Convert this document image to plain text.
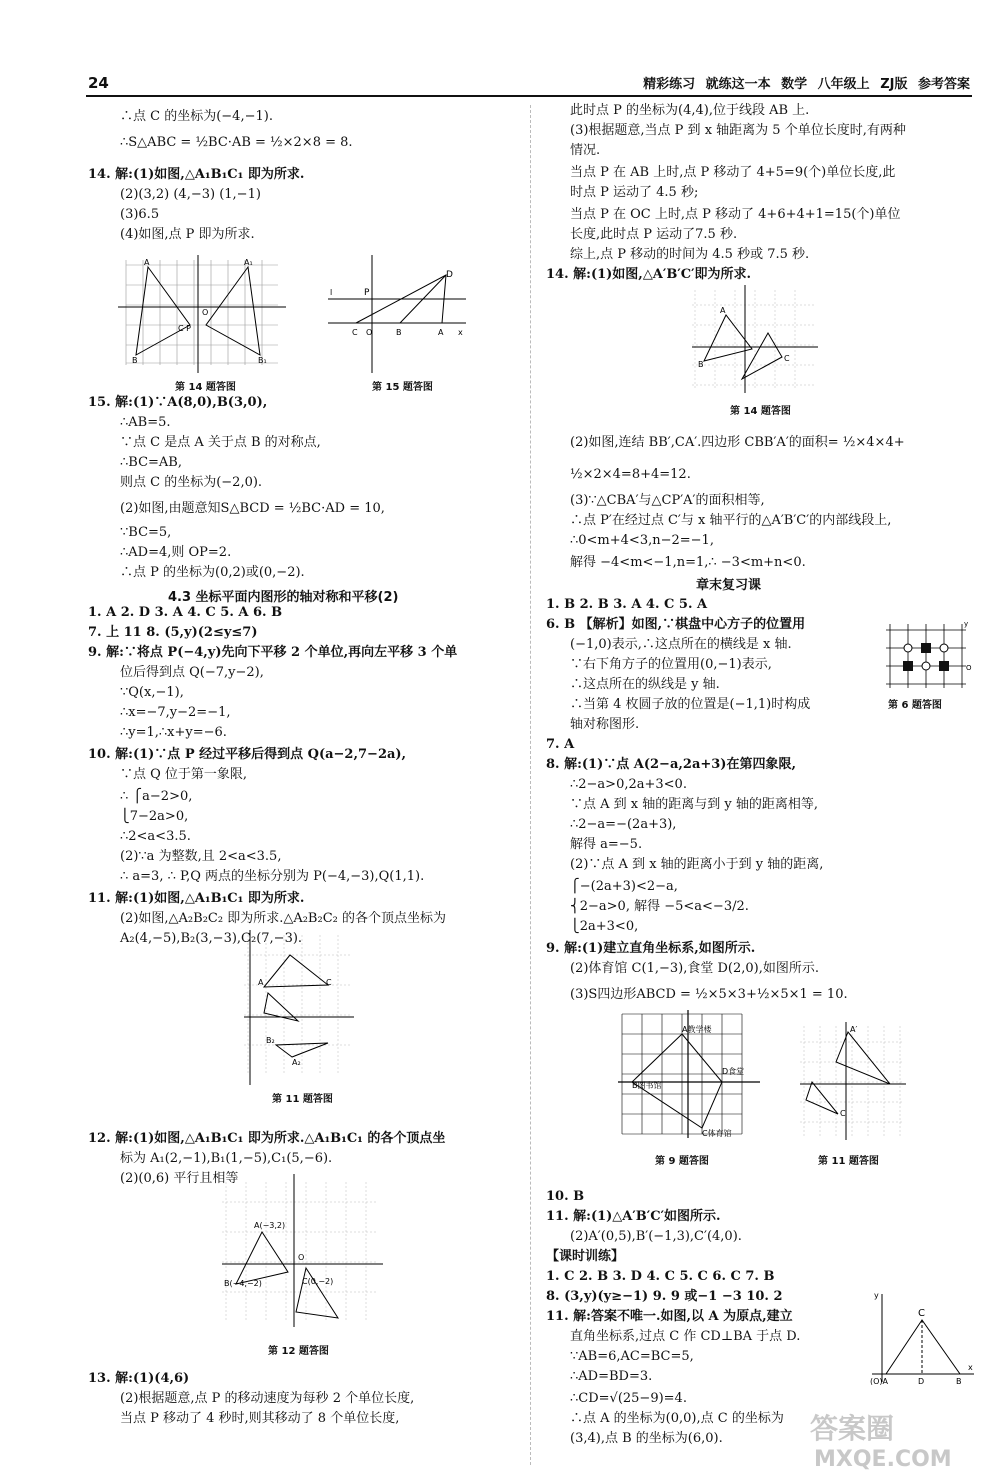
24	精彩练习 就练这一本 数学 八年级上 ZJ版 参考答案
∴点 C 的坐标为(−4,−1).
∴S△ABC = ½BC·AB = ½×2×8 = 8.
14. 解:(1)如图,△A₁B₁C₁ 即为所求.
(2)(3,2) (4,−3) (1,−1)
(3)6.5
(4)如图,点 P 即为所求.
15. 解:(1)∵A(8,0),B(3,0),
∴AB=5.
∵点 C 是点 A 关于点 B 的对称点,
∴BC=AB,
则点 C 的坐标为(−2,0).
(2)如图,由题意知S△BCD = ½BC·AD = 10,
∵BC=5,
∴AD=4,则 OP=2.
∴点 P 的坐标为(0,2)或(0,−2).
4.3 坐标平面内图形的轴对称和平移(2)
1. A 2. D 3. A 4. C 5. A 6. B
7. 上 11 8. (5,y)(2≤y≤7)
9. 解:∵将点 P(−4,y)先向下平移 2 个单位,再向左平移 3 个单
位后得到点 Q(−7,y−2),
∵Q(x,−1),
∴x=−7,y−2=−1,
∴y=1,∴x+y=−6.
10. 解:(1)∵点 P 经过平移后得到点 Q(a−2,7−2a),
∵点 Q 位于第一象限,
∴ ⎧a−2>0,
⎩7−2a>0,
∴2<a<3.5.
(2)∵a 为整数,且 2<a<3.5,
∴ a=3, ∴ P,Q 两点的坐标分别为 P(−4,−3),Q(1,1).
11. 解:(1)如图,△A₁B₁C₁ 即为所求.
(2)如图,△A₂B₂C₂ 即为所求.△A₂B₂C₂ 的各个顶点坐标为
A₂(4,−5),B₂(3,−3),C₂(7,−3).
12. 解:(1)如图,△A₁B₁C₁ 即为所求.△A₁B₁C₁ 的各个顶点坐
标为 A₁(2,−1),B₁(1,−5),C₁(5,−6).
(2)(0,6) 平行且相等
13. 解:(1)(4,6)
(2)根据题意,点 P 的移动速度为每秒 2 个单位长度,
当点 P 移动了 4 秒时,则其移动了 8 个单位长度,
此时点 P 的坐标为(4,4),位于线段 AB 上.
(3)根据题意,当点 P 到 x 轴距离为 5 个单位长度时,有两种
情况.
当点 P 在 AB 上时,点 P 移动了 4+5=9(个)单位长度,此
时点 P 运动了 4.5 秒;
当点 P 在 OC 上时,点 P 移动了 4+6+4+1=15(个)单位
长度,此时点 P 运动了7.5 秒.
综上,点 P 移动的时间为 4.5 秒或 7.5 秒.
14. 解:(1)如图,△A′B′C′即为所求.
(2)如图,连结 BB′,CA′.四边形 CBB′A′的面积= ½×4×4+
½×2×4=8+4=12.
(3)∵△CBA′与△CP′A′的面积相等,
∴点 P′在经过点 C′与 x 轴平行的△A′B′C′的内部线段上,
∴0<m+4<3,n−2=−1,
解得 −4<m<−1,n=1,∴ −3<m+n<0.
章末复习课
1. B 2. B 3. A 4. C 5. A
6. B 【解析】如图,∵棋盘中心方子的位置用
(−1,0)表示,∴这点所在的横线是 x 轴.
∵右下角方子的位置用(0,−1)表示,
∴这点所在的纵线是 y 轴.
∴当第 4 枚圆子放的位置是(−1,1)时构成
轴对称图形.
7. A
8. 解:(1)∵点 A(2−a,2a+3)在第四象限,
∴2−a>0,2a+3<0.
∵点 A 到 x 轴的距离与到 y 轴的距离相等,
∴2−a=−(2a+3),
解得 a=−5.
(2)∵点 A 到 x 轴的距离小于到 y 轴的距离,
⎧−(2a+3)<2−a,
⎨2−a>0, 解得 −5<a<−3/2.
⎩2a+3<0,
9. 解:(1)建立直角坐标系,如图所示.
(2)体育馆 C(1,−3),食堂 D(2,0),如图所示.
(3)S四边形ABCD = ½×5×3+½×5×1 = 10.
10. B
11. 解:(1)△A′B′C′如图所示.
(2)A′(0,5),B′(−1,3),C′(4,0).
【课时训练】
1. C 2. B 3. D 4. C 5. C 6. C 7. B
8. (3,y)(y≥−1) 9. 9 或−1 −3 10. 2
11. 解:答案不唯一.如图,以 A 为原点,建立
直角坐标系,过点 C 作 CD⊥BA 于点 D.
∵AB=6,AC=BC=5,
∴AD=BD=3.
∴CD=√(25−9)=4.
∴点 A 的坐标为(0,0),点 C 的坐标为
(3,4),点 B 的坐标为(6,0).
A	A₁
B	B₁
C P
O
第 14 题答图
D
P
C O	B	A x
l
第 15 题答图
A	C
A₂
B₂
第 11 题答图
A(−3,2)
B(−4,−2)	C(0,−2)
O
第 12 题答图
A
B
C
第 14 题答图
y
O
第 6 题答图
A教学楼
D食堂
B图书馆
C体育馆
第 9 题答图
A′
C
第 11 题答图
C
(O)A	D	B
x
y
答案圈
MXQE.COM
